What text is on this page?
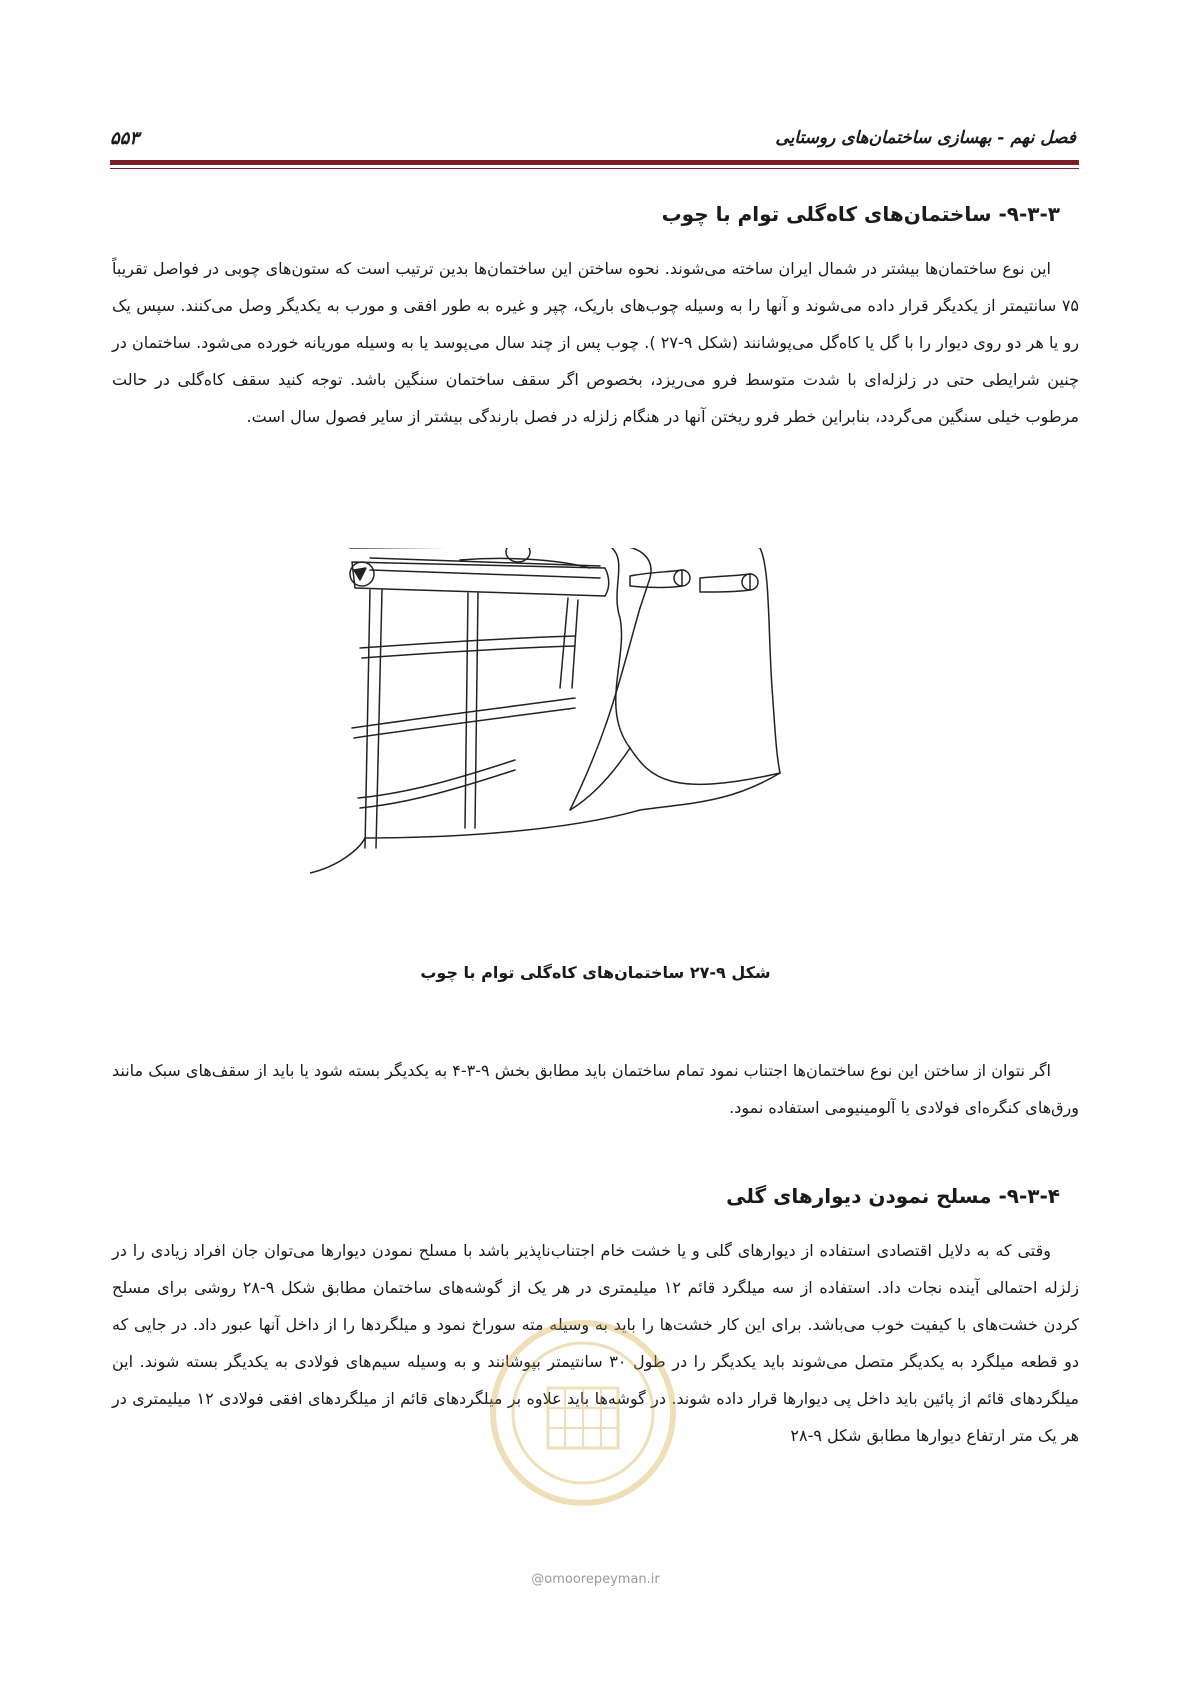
فصل نهم - بهسازی ساختمان‌های روستایی
۵۵۳
۹-۳-۳- ساختمان‌های کاه‌گلی توام با چوب

این نوع ساختمان‌ها بیشتر در شمال ایران ساخته می‌شوند. نحوه ساختن این ساختمان‌ها بدین ترتیب است که ستون‌های چوبی در فواصل تقریباً ۷۵ سانتیمتر از یکدیگر قرار داده می‌شوند و آنها را به وسیله چوب‌های باریک، چپر و غیره به طور افقی و مورب به یکدیگر وصل می‌کنند. سپس یک رو یا هر دو روی دیوار را با گل یا کاه‌گل می‌پوشانند (شکل ۹-۲۷ ). چوب پس از چند سال می‌پوسد یا به وسیله موریانه خورده می‌شود. ساختمان در چنین شرایطی حتی در زلزله‌ای با شدت متوسط فرو می‌ریزد، بخصوص اگر سقف ساختمان سنگین باشد. توجه کنید سقف کاه‌گلی در حالت مرطوب خیلی سنگین می‌گردد، بنابراین خطر فرو ریختن آنها در هنگام زلزله در فصل بارندگی بیشتر از سایر فصول سال است.

شکل ۹-۲۷ ساختمان‌های کاه‌گلی توام با چوب

اگر نتوان از ساختن این نوع ساختمان‌ها اجتناب نمود تمام ساختمان باید مطابق بخش ۹-۳-۴ به یکدیگر بسته شود یا باید از سقف‌های سبک مانند ورق‌های کنگره‌ای فولادی یا آلومینیومی استفاده نمود.

۹-۳-۴- مسلح نمودن دیوارهای گلی

وقتی که به دلایل اقتصادی استفاده از دیوارهای گلی و یا خشت خام اجتناب‌ناپذیر باشد با مسلح نمودن دیوارها می‌توان جان افراد زیادی را در زلزله احتمالی آینده نجات داد. استفاده از سه میلگرد قائم ۱۲ میلیمتری در هر یک از گوشه‌های ساختمان مطابق شکل ۹-۲۸ روشی برای مسلح کردن خشت‌های با کیفیت خوب می‌باشد. برای این کار خشت‌ها را باید به وسیله مته سوراخ نمود و میلگردها را از داخل آنها عبور داد. در جایی که دو قطعه میلگرد به یکدیگر متصل می‌شوند باید یکدیگر را در طول ۳۰ سانتیمتر بپوشانند و به وسیله سیم‌های فولادی به یکدیگر بسته شوند. این میلگردهای قائم از پائین باید داخل پی دیوارها قرار داده شوند. در گوشه‌ها باید علاوه بر میلگردهای قائم از میلگردهای افقی فولادی ۱۲ میلیمتری در هر یک متر ارتفاع دیوارها مطابق شکل ۹-۲۸

@omoorepeyman.ir
